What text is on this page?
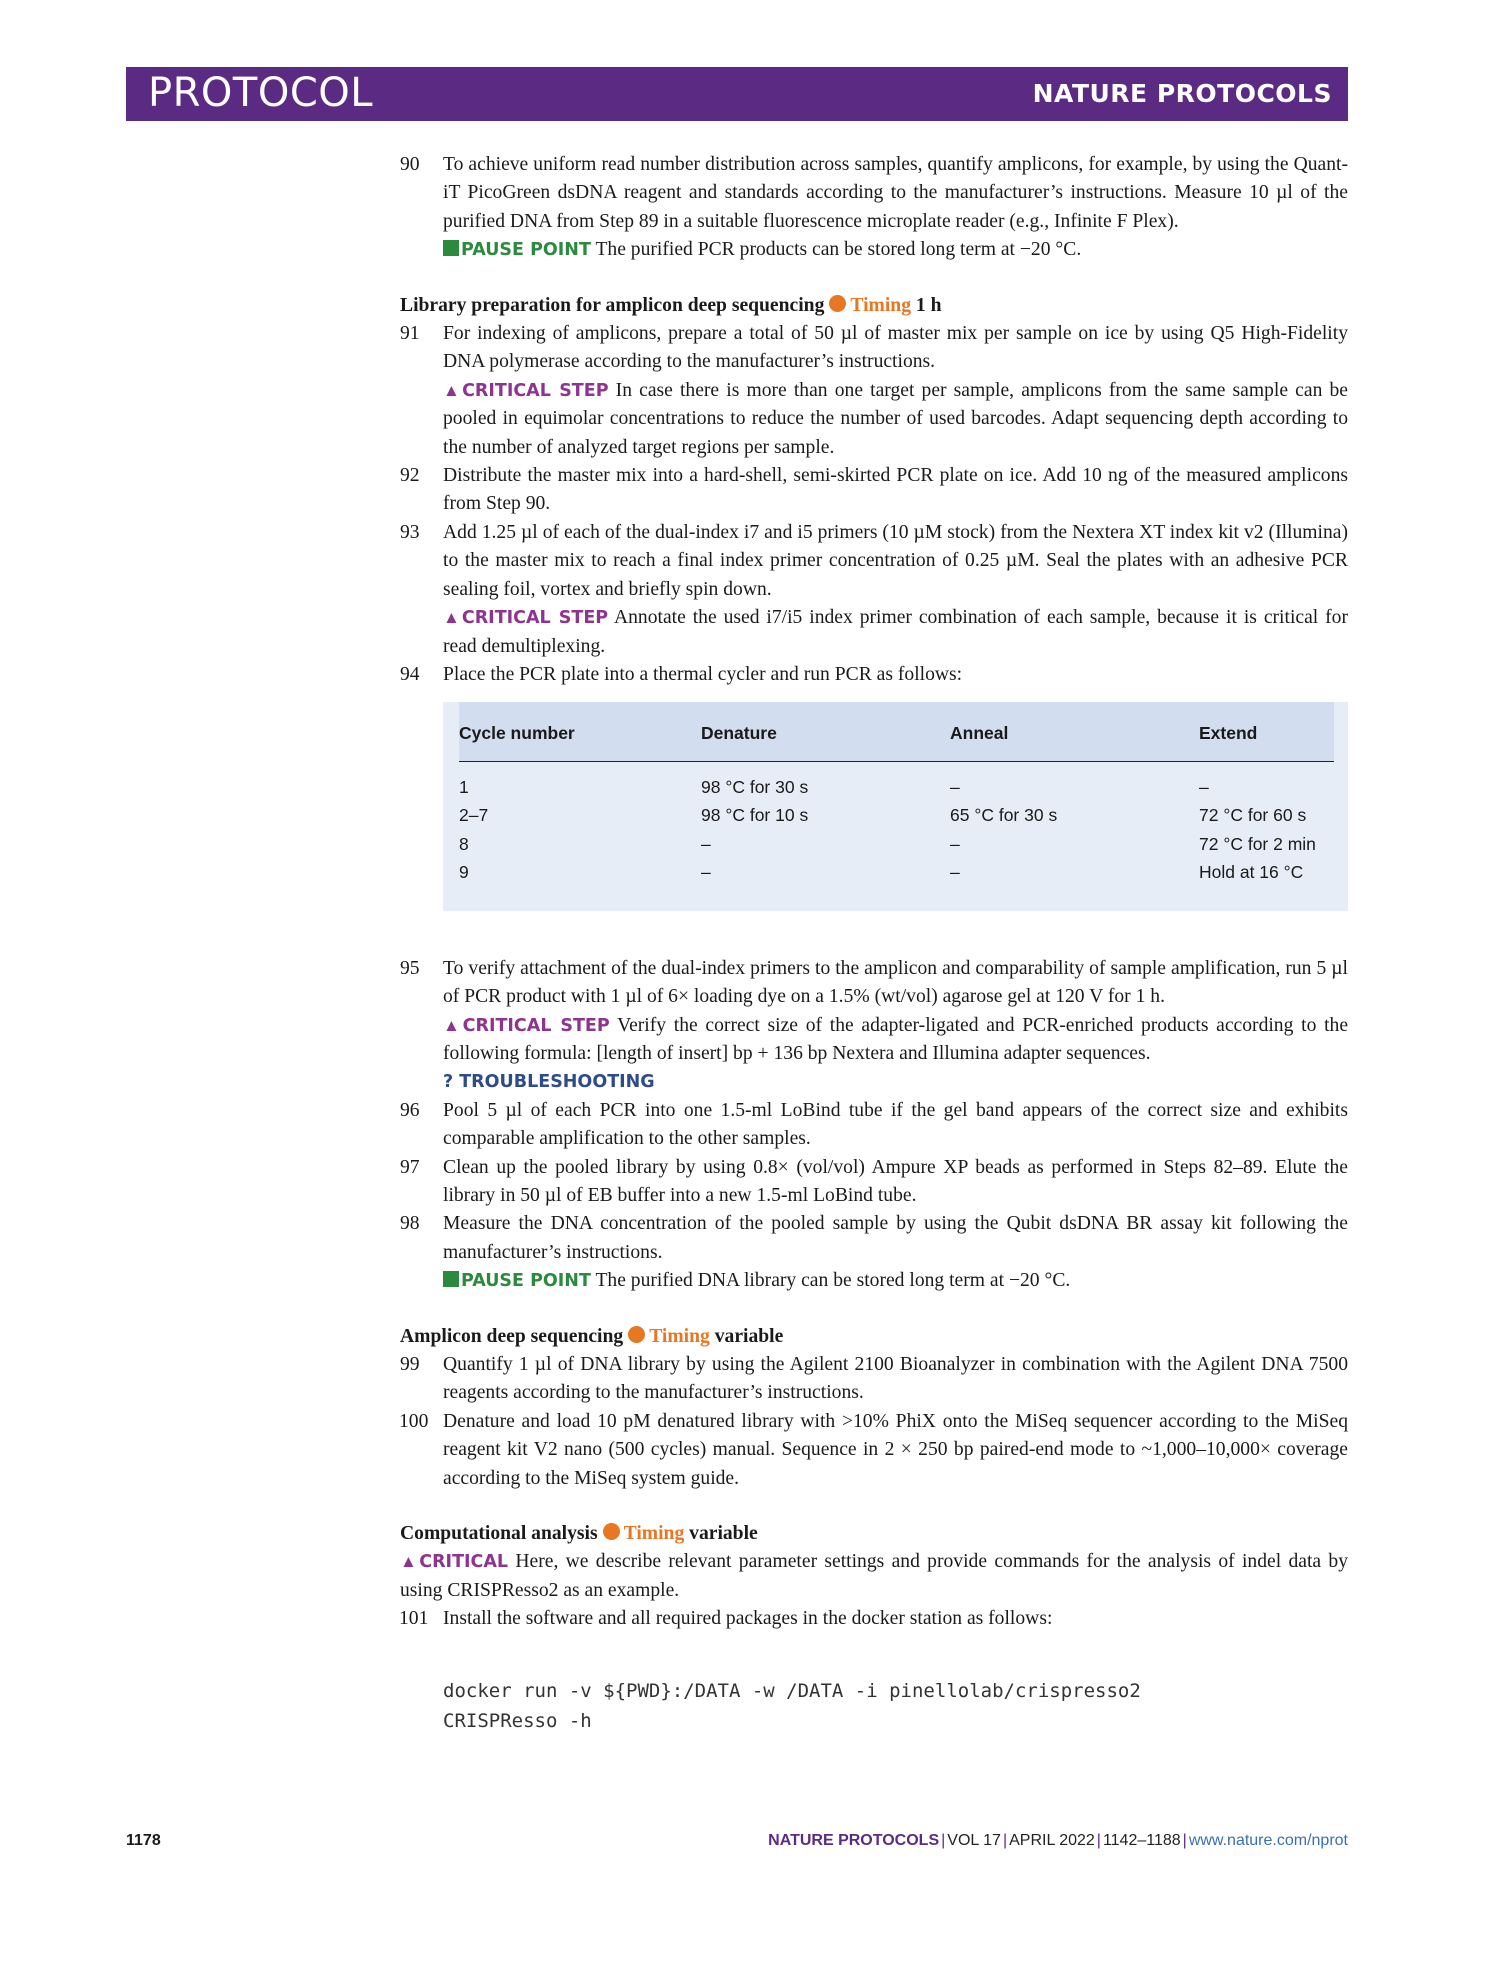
PROTOCOL	NATURE PROTOCOLS
90 To achieve uniform read number distribution across samples, quantify amplicons, for example, by using the Quant-iT PicoGreen dsDNA reagent and standards according to the manufacturer’s instructions. Measure 10 µl of the purified DNA from Step 89 in a suitable fluorescence microplate reader (e.g., Infinite F Plex).
PAUSE POINT The purified PCR products can be stored long term at −20 °C.
Library preparation for amplicon deep sequencing Timing 1 h
91 For indexing of amplicons, prepare a total of 50 µl of master mix per sample on ice by using Q5 High-Fidelity DNA polymerase according to the manufacturer’s instructions.
▲CRITICAL STEP In case there is more than one target per sample, amplicons from the same sample can be pooled in equimolar concentrations to reduce the number of used barcodes. Adapt sequencing depth according to the number of analyzed target regions per sample.
92 Distribute the master mix into a hard-shell, semi-skirted PCR plate on ice. Add 10 ng of the measured amplicons from Step 90.
93 Add 1.25 µl of each of the dual-index i7 and i5 primers (10 µM stock) from the Nextera XT index kit v2 (Illumina) to the master mix to reach a final index primer concentration of 0.25 µM. Seal the plates with an adhesive PCR sealing foil, vortex and briefly spin down.
▲CRITICAL STEP Annotate the used i7/i5 index primer combination of each sample, because it is critical for read demultiplexing.
94 Place the PCR plate into a thermal cycler and run PCR as follows:
Cycle number	Denature	Anneal	Extend
1	98 °C for 30 s	–	–
2–7	98 °C for 10 s	65 °C for 30 s	72 °C for 60 s
8	–	–	72 °C for 2 min
9	–	–	Hold at 16 °C
95 To verify attachment of the dual-index primers to the amplicon and comparability of sample amplification, run 5 µl of PCR product with 1 µl of 6× loading dye on a 1.5% (wt/vol) agarose gel at 120 V for 1 h.
▲CRITICAL STEP Verify the correct size of the adapter-ligated and PCR-enriched products according to the following formula: [length of insert] bp + 136 bp Nextera and Illumina adapter sequences.
? TROUBLESHOOTING
96 Pool 5 µl of each PCR into one 1.5-ml LoBind tube if the gel band appears of the correct size and exhibits comparable amplification to the other samples.
97 Clean up the pooled library by using 0.8× (vol/vol) Ampure XP beads as performed in Steps 82–89. Elute the library in 50 µl of EB buffer into a new 1.5-ml LoBind tube.
98 Measure the DNA concentration of the pooled sample by using the Qubit dsDNA BR assay kit following the manufacturer’s instructions.
PAUSE POINT The purified DNA library can be stored long term at −20 °C.
Amplicon deep sequencing Timing variable
99 Quantify 1 µl of DNA library by using the Agilent 2100 Bioanalyzer in combination with the Agilent DNA 7500 reagents according to the manufacturer’s instructions.
100 Denature and load 10 pM denatured library with >10% PhiX onto the MiSeq sequencer according to the MiSeq reagent kit V2 nano (500 cycles) manual. Sequence in 2 × 250 bp paired-end mode to ~1,000–10,000× coverage according to the MiSeq system guide.
Computational analysis Timing variable
▲CRITICAL Here, we describe relevant parameter settings and provide commands for the analysis of indel data by using CRISPResso2 as an example.
101 Install the software and all required packages in the docker station as follows:
docker run -v ${PWD}:/DATA -w /DATA -i pinellolab/crispresso2
CRISPResso -h
1178	NATURE PROTOCOLS | VOL 17 | APRIL 2022 | 1142–1188 | www.nature.com/nprot
